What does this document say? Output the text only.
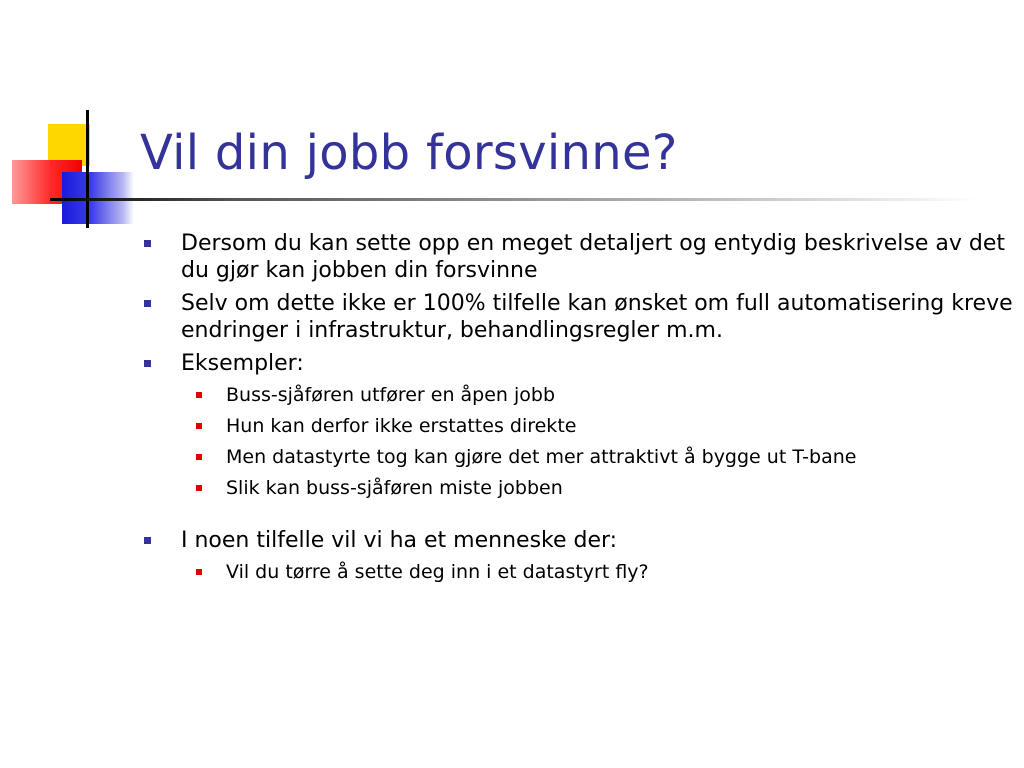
Vil din jobb forsvinne?
Dersom du kan sette opp en meget detaljert og entydig beskrivelse av det du gjør kan jobben din forsvinne
Selv om dette ikke er 100% tilfelle kan ønsket om full automatisering kreve endringer i infrastruktur, behandlingsregler m.m.
Eksempler:
Buss-sjåføren utfører en åpen jobb
Hun kan derfor ikke erstattes direkte
Men datastyrte tog kan gjøre det mer attraktivt å bygge ut T-bane
Slik kan buss-sjåføren miste jobben
I noen tilfelle vil vi ha et menneske der:
Vil du tørre å sette deg inn i et datastyrt fly?
